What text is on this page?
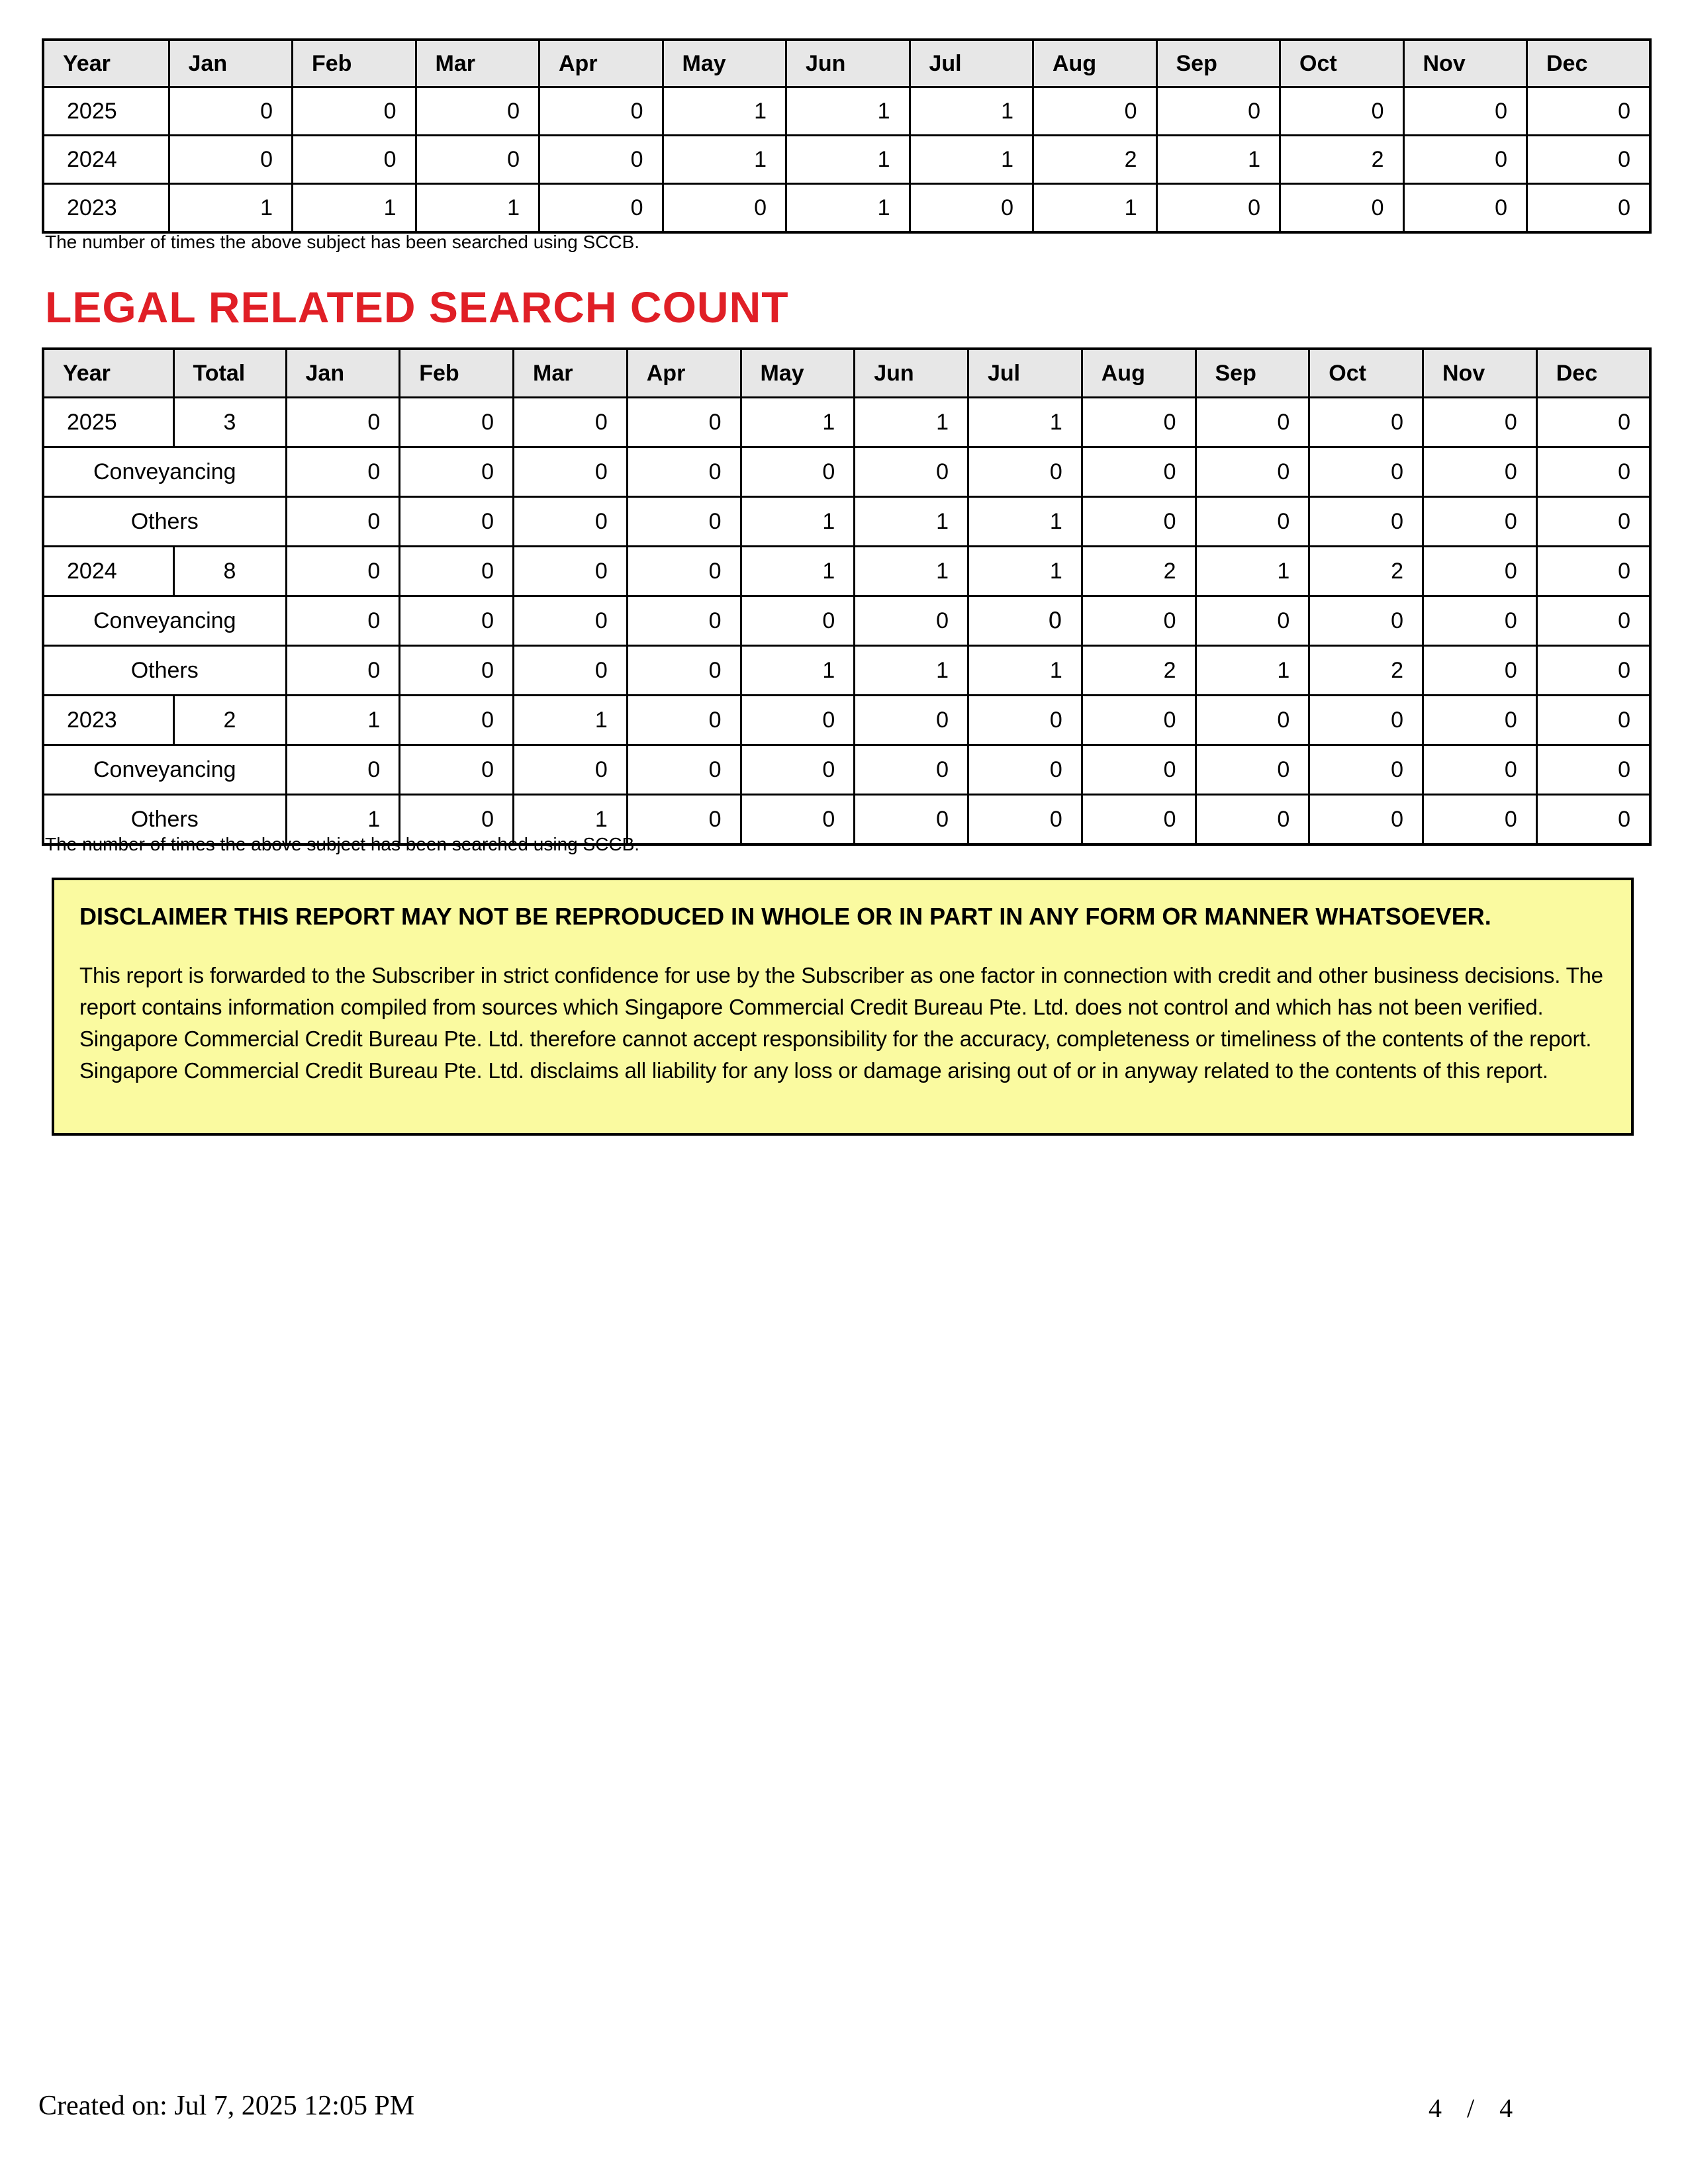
Year	Jan	Feb	Mar	Apr	May	Jun	Jul	Aug	Sep	Oct	Nov	Dec
2025	0	0	0	0	1	1	1	0	0	0	0	0
2024	0	0	0	0	1	1	1	2	1	2	0	0
2023	1	1	1	0	0	1	0	1	0	0	0	0
The number of times the above subject has been searched using SCCB.
LEGAL RELATED SEARCH COUNT
Year	Total	Jan	Feb	Mar	Apr	May	Jun	Jul	Aug	Sep	Oct	Nov	Dec
2025	3	0	0	0	0	1	1	1	0	0	0	0	0
Conveyancing		0	0	0	0	0	0	0	0	0	0	0	0
Others		0	0	0	0	1	1	1	0	0	0	0	0
2024	8	0	0	0	0	1	1	1	2	1	2	0	0
Conveyancing		0	0	0	0	0	0	0	0	0	0	0	0
Others		0	0	0	0	1	1	1	2	1	2	0	0
2023	2	1	0	1	0	0	0	0	0	0	0	0	0
Conveyancing		0	0	0	0	0	0	0	0	0	0	0	0
Others		1	0	1	0	0	0	0	0	0	0	0	0
The number of times the above subject has been searched using SCCB.

DISCLAIMER THIS REPORT MAY NOT BE REPRODUCED IN WHOLE OR IN PART IN ANY FORM OR MANNER WHATSOEVER.

This report is forwarded to the Subscriber in strict confidence for use by the Subscriber as one factor in connection with credit and other business decisions. The report contains information compiled from sources which Singapore Commercial Credit Bureau Pte. Ltd. does not control and which has not been verified. Singapore Commercial Credit Bureau Pte. Ltd. therefore cannot accept responsibility for the accuracy, completeness or timeliness of the contents of the report. Singapore Commercial Credit Bureau Pte. Ltd. disclaims all liability for any loss or damage arising out of or in anyway related to the contents of this report.

Created on: Jul 7, 2025 12:05 PM	4 / 4
